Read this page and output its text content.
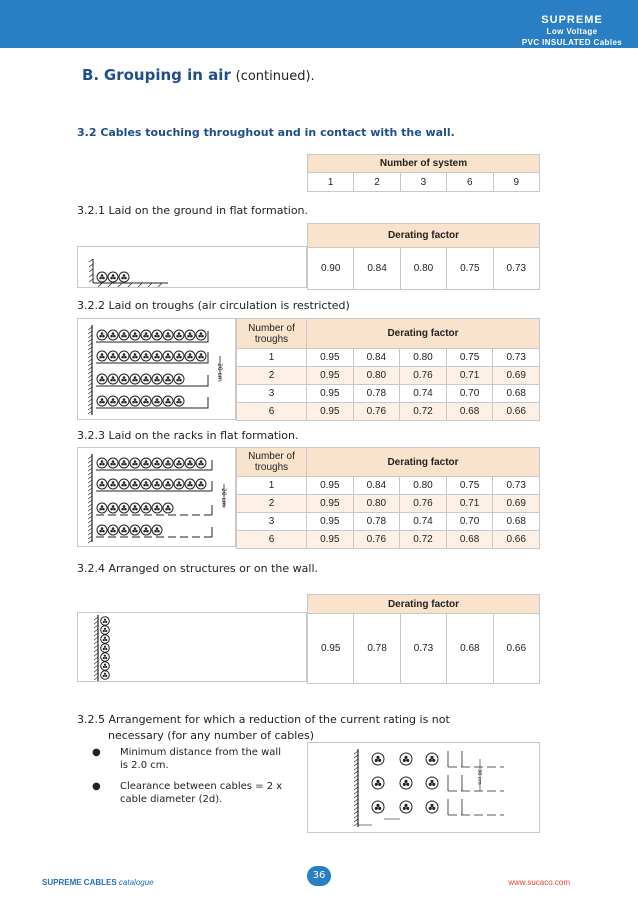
SUPREME
Low Voltage
PVC INSULATED Cables
B. Grouping in air (continued).
3.2 Cables touching throughout and in contact with the wall.
Number of system
1	2	3	6	9
3.2.1 Laid on the ground in flat formation.
Derating factor
0.90	0.84	0.80	0.75	0.73
3.2.2 Laid on troughs (air circulation is restricted)
20 cm
Number of troughs	Derating factor				
1	0.95	0.84	0.80	0.75	0.73
2	0.95	0.80	0.76	0.71	0.69
3	0.95	0.78	0.74	0.70	0.68
6	0.95	0.76	0.72	0.68	0.66
3.2.3 Laid on the racks in flat formation.
20 cm
Number of troughs	Derating factor				
1	0.95	0.84	0.80	0.75	0.73
2	0.95	0.80	0.76	0.71	0.69
3	0.95	0.78	0.74	0.70	0.68
6	0.95	0.76	0.72	0.68	0.66
3.2.4 Arranged on structures or on the wall.
Derating factor
0.95	0.78	0.73	0.68	0.66
3.2.5 Arrangement for which a reduction of the current rating is not
necessary (for any number of cables)
● Minimum distance from the wall
is 2.0 cm.
● Clearance between cables = 2 x
cable diameter (2d).
30 cm
SUPREME CABLES catalogue
36
www.sucaco.com
